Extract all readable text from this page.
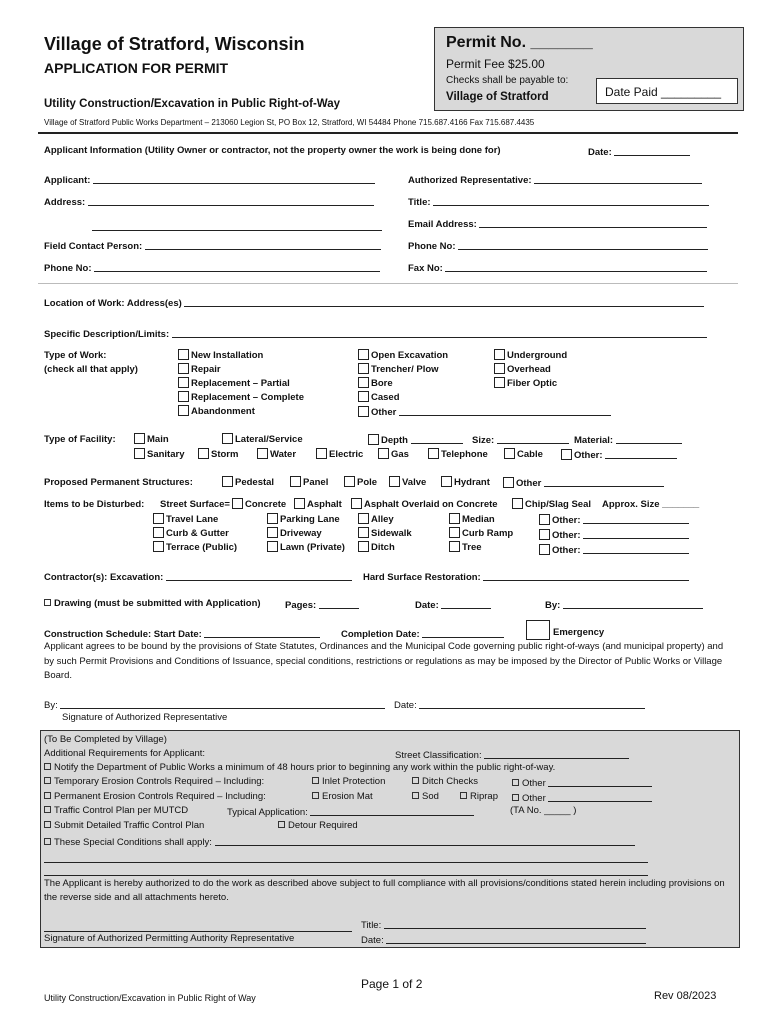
Village of Stratford, Wisconsin
APPLICATION FOR PERMIT
Utility Construction/Excavation in Public Right-of-Way
Village of Stratford Public Works Department – 213060 Legion St, PO Box 12, Stratford, WI 54484 Phone 715.687.4166 Fax 715.687.4435
Permit No. _______
Permit Fee $25.00
Checks shall be payable to:
Village of Stratford	Date Paid _________
Applicant Information (Utility Owner or contractor, not the property owner the work is being done for)	Date:
Applicant:
Address:
Field Contact Person:
Phone No:
Authorized Representative:
Title:
Email Address:
Phone No:
Fax No:
Location of Work: Address(es)
Specific Description/Limits:
Type of Work:
(check all that apply)
New Installation
Repair
Replacement – Partial
Replacement – Complete
Abandonment
Open Excavation
Trencher/ Plow
Bore
Cased
Other
Underground
Overhead
Fiber Optic
Type of Facility:	Main	Lateral/Service	Depth	Size:	Material:
Sanitary	Storm	Water	Electric	Gas	Telephone	Cable	Other:
Proposed Permanent Structures:	Pedestal	Panel	Pole	Valve	Hydrant	Other
Items to be Disturbed: Street Surface=	Concrete	Asphalt	Asphalt Overlaid on Concrete	Chip/Slag Seal Approx. Size _______
Travel Lane
Curb & Gutter
Terrace (Public)
Parking Lane
Driveway
Lawn (Private)
Alley
Sidewalk
Ditch
Median
Curb Ramp
Tree
Other:
Other:
Other:
Contractor(s): Excavation:	Hard Surface Restoration:
Drawing (must be submitted with Application)	Pages:	Date:	By:
Construction Schedule: Start Date:	Completion Date:	Emergency
Applicant agrees to be bound by the provisions of State Statutes, Ordinances and the Municipal Code governing public right-of-ways (and municipal property) and by such Permit Provisions and Conditions of Issuance, special conditions, restrictions or regulations as may be imposed by the Director of Public Works or Village Board.
By:	Date:
Signature of Authorized Representative
(To Be Completed by Village)
Additional Requirements for Applicant:	Street Classification:
Notify the Department of Public Works a minimum of 48 hours prior to beginning any work within the public right-of-way.
Temporary Erosion Controls Required – Including:	Inlet Protection	Ditch Checks	Other
Permanent Erosion Controls Required – Including:	Erosion Mat	Sod	Riprap	Other
Traffic Control Plan per MUTCD	Typical Application:	(TA No. _____ )
Submit Detailed Traffic Control Plan	Detour Required
These Special Conditions shall apply:
The Applicant is hereby authorized to do the work as described above subject to full compliance with all provisions/conditions stated herein including provisions on the reverse side and all attachments hereto.
Title:
Signature of Authorized Permitting Authority Representative	Date:
Page 1 of 2
Utility Construction/Excavation in Public Right of Way	Rev 08/2023
